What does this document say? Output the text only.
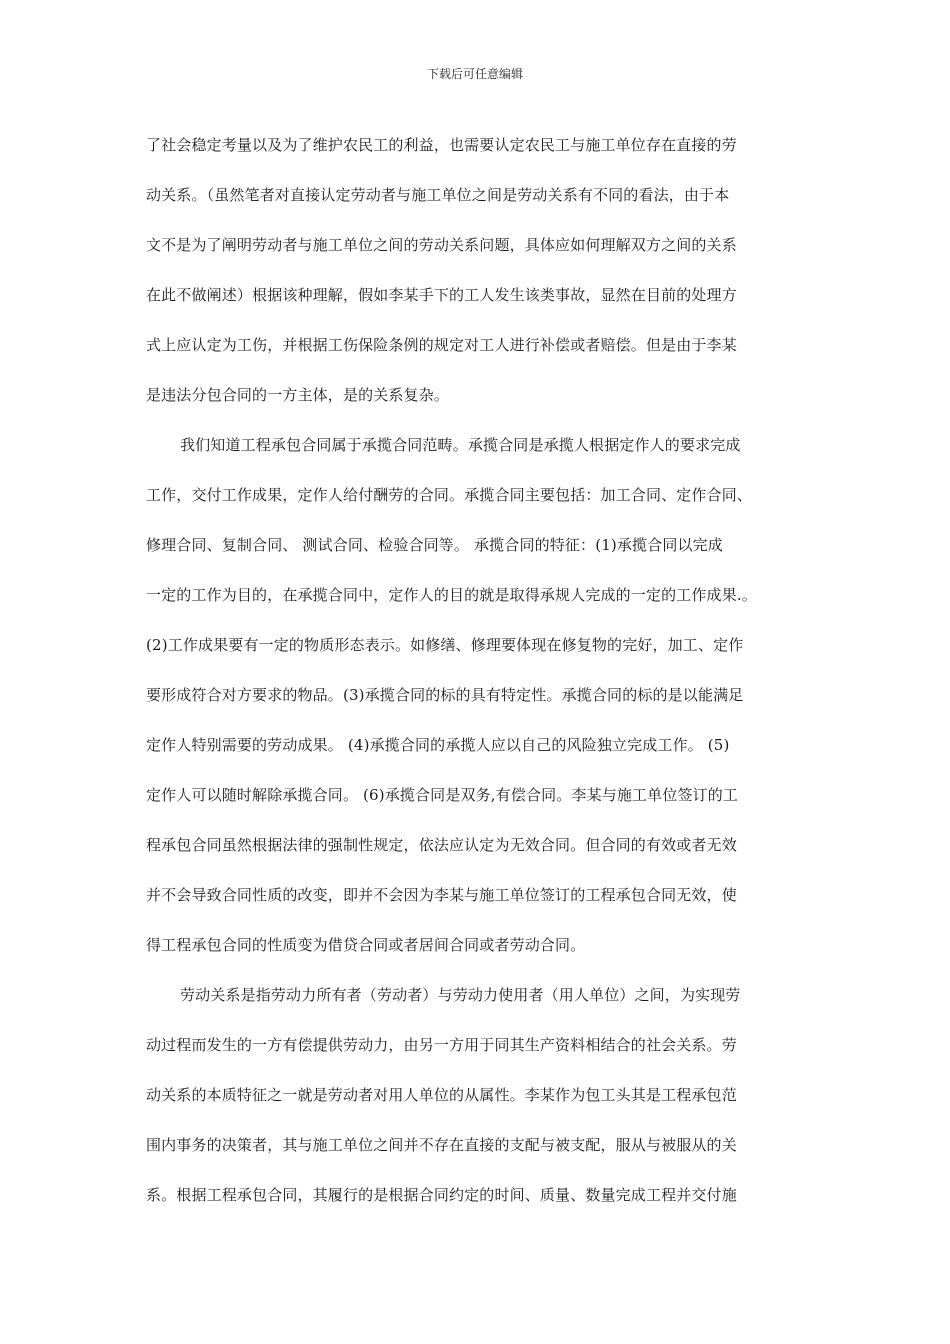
下载后可任意编辑
了社会稳定考量以及为了维护农民工的利益，也需要认定农民工与施工单位存在直接的劳
动关系。（虽然笔者对直接认定劳动者与施工单位之间是劳动关系有不同的看法，由于本
文不是为了阐明劳动者与施工单位之间的劳动关系问题，具体应如何理解双方之间的关系
在此不做阐述）根据该种理解，假如李某手下的工人发生该类事故，显然在目前的处理方
式上应认定为工伤，并根据工伤保险条例的规定对工人进行补偿或者赔偿。但是由于李某
是违法分包合同的一方主体，是的关系复杂。
我们知道工程承包合同属于承揽合同范畴。承揽合同是承揽人根据定作人的要求完成
工作，交付工作成果，定作人给付酬劳的合同。承揽合同主要包括：加工合同、定作合同、
修理合同、复制合同、 测试合同、检验合同等。 承揽合同的特征：(1)承揽合同以完成
一定的工作为目的，在承揽合同中，定作人的目的就是取得承规人完成的一定的工作成果.。
(2)工作成果要有一定的物质形态表示。如修缮、修理要体现在修复物的完好，加工、定作
要形成符合对方要求的物品。(3)承揽合同的标的具有特定性。承揽合同的标的是以能满足
定作人特别需要的劳动成果。 (4)承揽合同的承揽人应以自己的风险独立完成工作。 (5)
定作人可以随时解除承揽合同。 (6)承揽合同是双务,有偿合同。李某与施工单位签订的工
程承包合同虽然根据法律的强制性规定，依法应认定为无效合同。但合同的有效或者无效
并不会导致合同性质的改变，即并不会因为李某与施工单位签订的工程承包合同无效，使
得工程承包合同的性质变为借贷合同或者居间合同或者劳动合同。
劳动关系是指劳动力所有者（劳动者）与劳动力使用者（用人单位）之间，为实现劳
动过程而发生的一方有偿提供劳动力，由另一方用于同其生产资料相结合的社会关系。劳
动关系的本质特征之一就是劳动者对用人单位的从属性。李某作为包工头其是工程承包范
围内事务的决策者，其与施工单位之间并不存在直接的支配与被支配，服从与被服从的关
系。根据工程承包合同，其履行的是根据合同约定的时间、质量、数量完成工程并交付施
